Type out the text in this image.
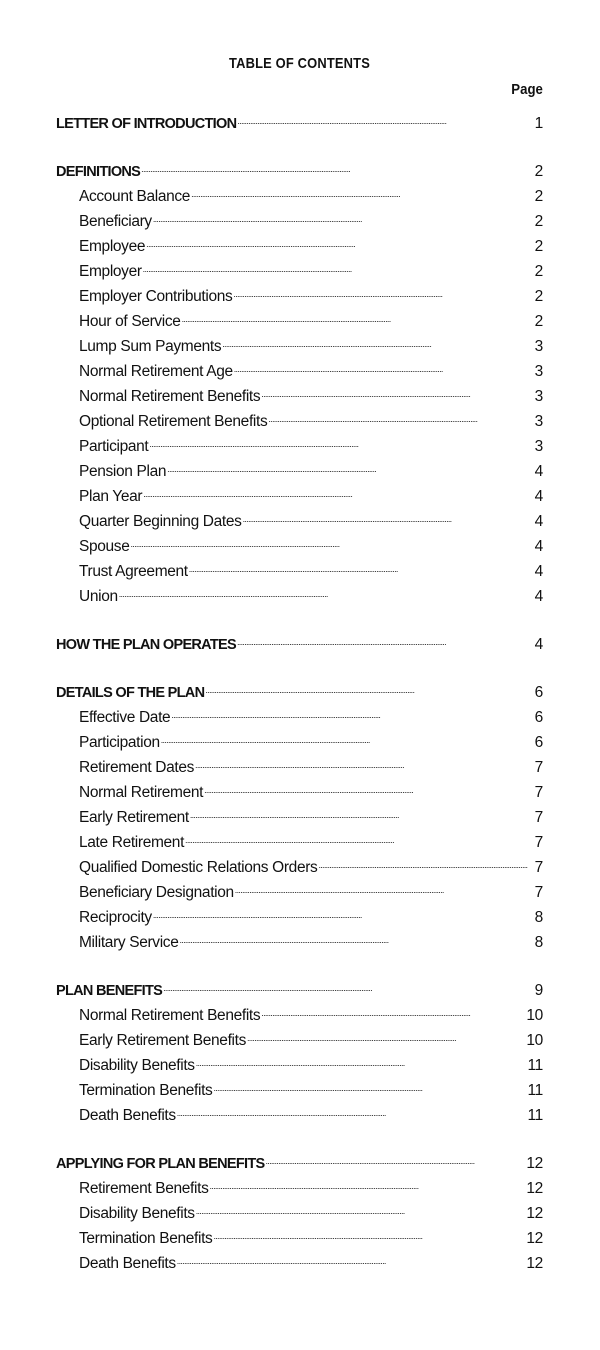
TABLE OF CONTENTS
Page
LETTER OF INTRODUCTION . . .	1
DEFINITIONS . . .	2
Account Balance . . .	2
Beneficiary . . .	2
Employee . . .	2
Employer . . .	2
Employer Contributions . . .	2
Hour of Service . . .	2
Lump Sum Payments . . .	3
Normal Retirement Age . . .	3
Normal Retirement Benefits . . .	3
Optional Retirement Benefits . . .	3
Participant . . .	3
Pension Plan . . .	4
Plan Year . . .	4
Quarter Beginning Dates . . .	4
Spouse . . .	4
Trust Agreement . . .	4
Union . . .	4
HOW THE PLAN OPERATES . . .	4
DETAILS OF THE PLAN . . .	6
Effective Date . . .	6
Participation . . .	6
Retirement Dates . . .	7
Normal Retirement . . .	7
Early Retirement . . .	7
Late Retirement . . .	7
Qualified Domestic Relations Orders . . .	7
Beneficiary Designation . . .	7
Reciprocity . . .	8
Military Service . . .	8
PLAN BENEFITS . . .	9
Normal Retirement Benefits . . .	10
Early Retirement Benefits . . .	10
Disability Benefits . . .	11
Termination Benefits . . .	11
Death Benefits . . .	11
APPLYING FOR PLAN BENEFITS . . .	12
Retirement Benefits . . .	12
Disability Benefits . . .	12
Termination Benefits . . .	12
Death Benefits . . .	12
